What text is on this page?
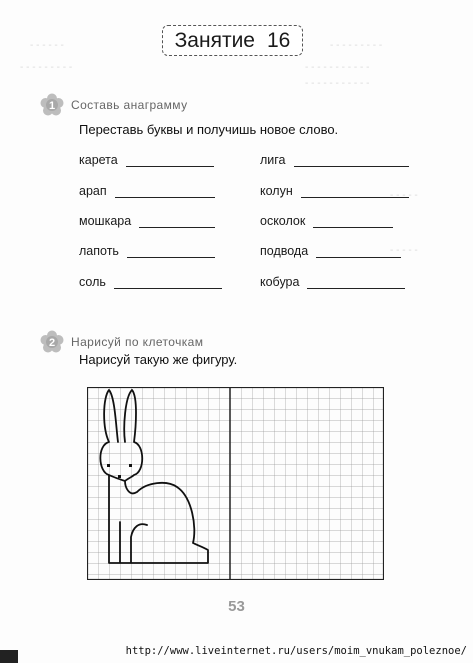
- - - - - -	- - - - - - - - -
- - - - - - - - -	- - - - - - - - - - -
- - - - - - - - - - -
- - - - -
- - - - -
Занятие 16
1 Составь анаграмму
Переставь буквы и получишь новое слово.
карета
арап
мошкара
лапоть
соль
лига
колун
осколок
подвода
кобура
2 Нарисуй по клеточкам
Нарисуй такую же фигуру.
53
http://www.liveinternet.ru/users/moim_vnukam_poleznoe/
